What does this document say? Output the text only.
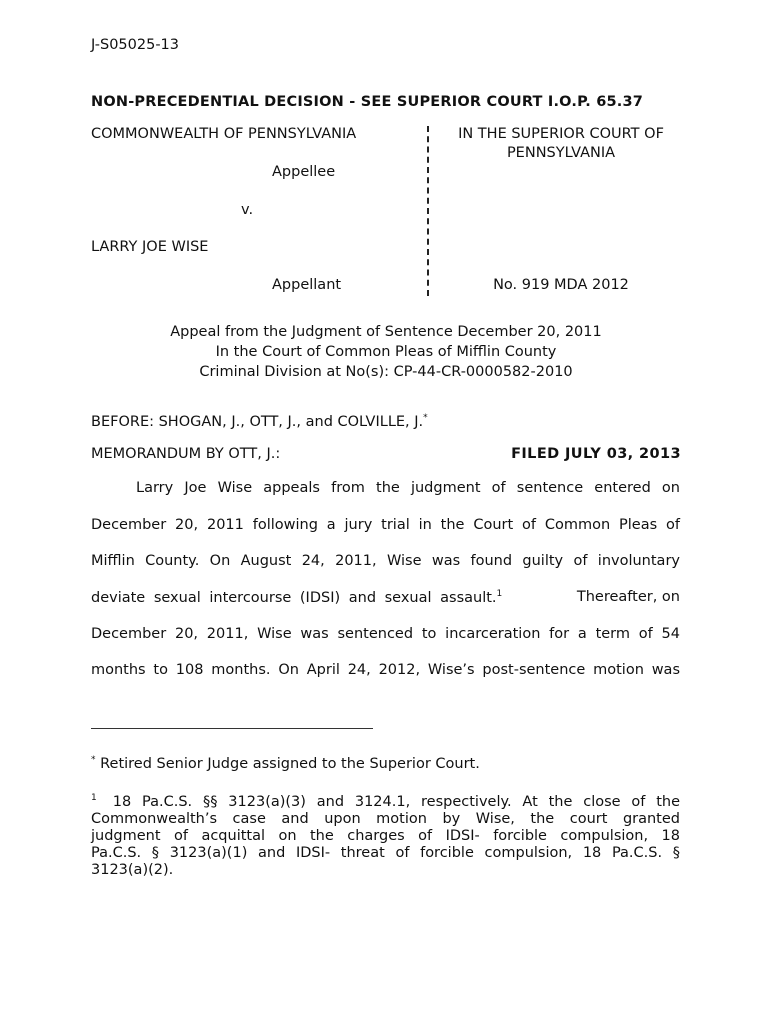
J-S05025-13
NON-PRECEDENTIAL DECISION - SEE SUPERIOR COURT I.O.P. 65.37
COMMONWEALTH OF PENNSYLVANIA
Appellee
v.
LARRY JOE WISE
Appellant
IN THE SUPERIOR COURT OF
PENNSYLVANIA
No. 919 MDA 2012
Appeal from the Judgment of Sentence December 20, 2011
In the Court of Common Pleas of Mifflin County
Criminal Division at No(s): CP-44-CR-0000582-2010
BEFORE: SHOGAN, J., OTT, J., and COLVILLE, J.*
MEMORANDUM BY OTT, J.:	FILED JULY 03, 2013
Larry Joe Wise appeals from the judgment of sentence entered on
December 20, 2011 following a jury trial in the Court of Common Pleas of
Mifflin County. On August 24, 2011, Wise was found guilty of involuntary
deviate sexual intercourse (IDSI) and sexual assault.$^1$	Thereafter, on
December 20, 2011, Wise was sentenced to incarceration for a term of 54
months to 108 months. On April 24, 2012, Wise’s post-sentence motion was
* Retired Senior Judge assigned to the Superior Court.
$^1$ 18 Pa.C.S. §§ 3123(a)(3) and 3124.1, respectively. At the close of the
Commonwealth’s case and upon motion by Wise, the court granted
judgment of acquittal on the charges of IDSI- forcible compulsion, 18
Pa.C.S. § 3123(a)(1) and IDSI- threat of forcible compulsion, 18 Pa.C.S. §
3123(a)(2).
